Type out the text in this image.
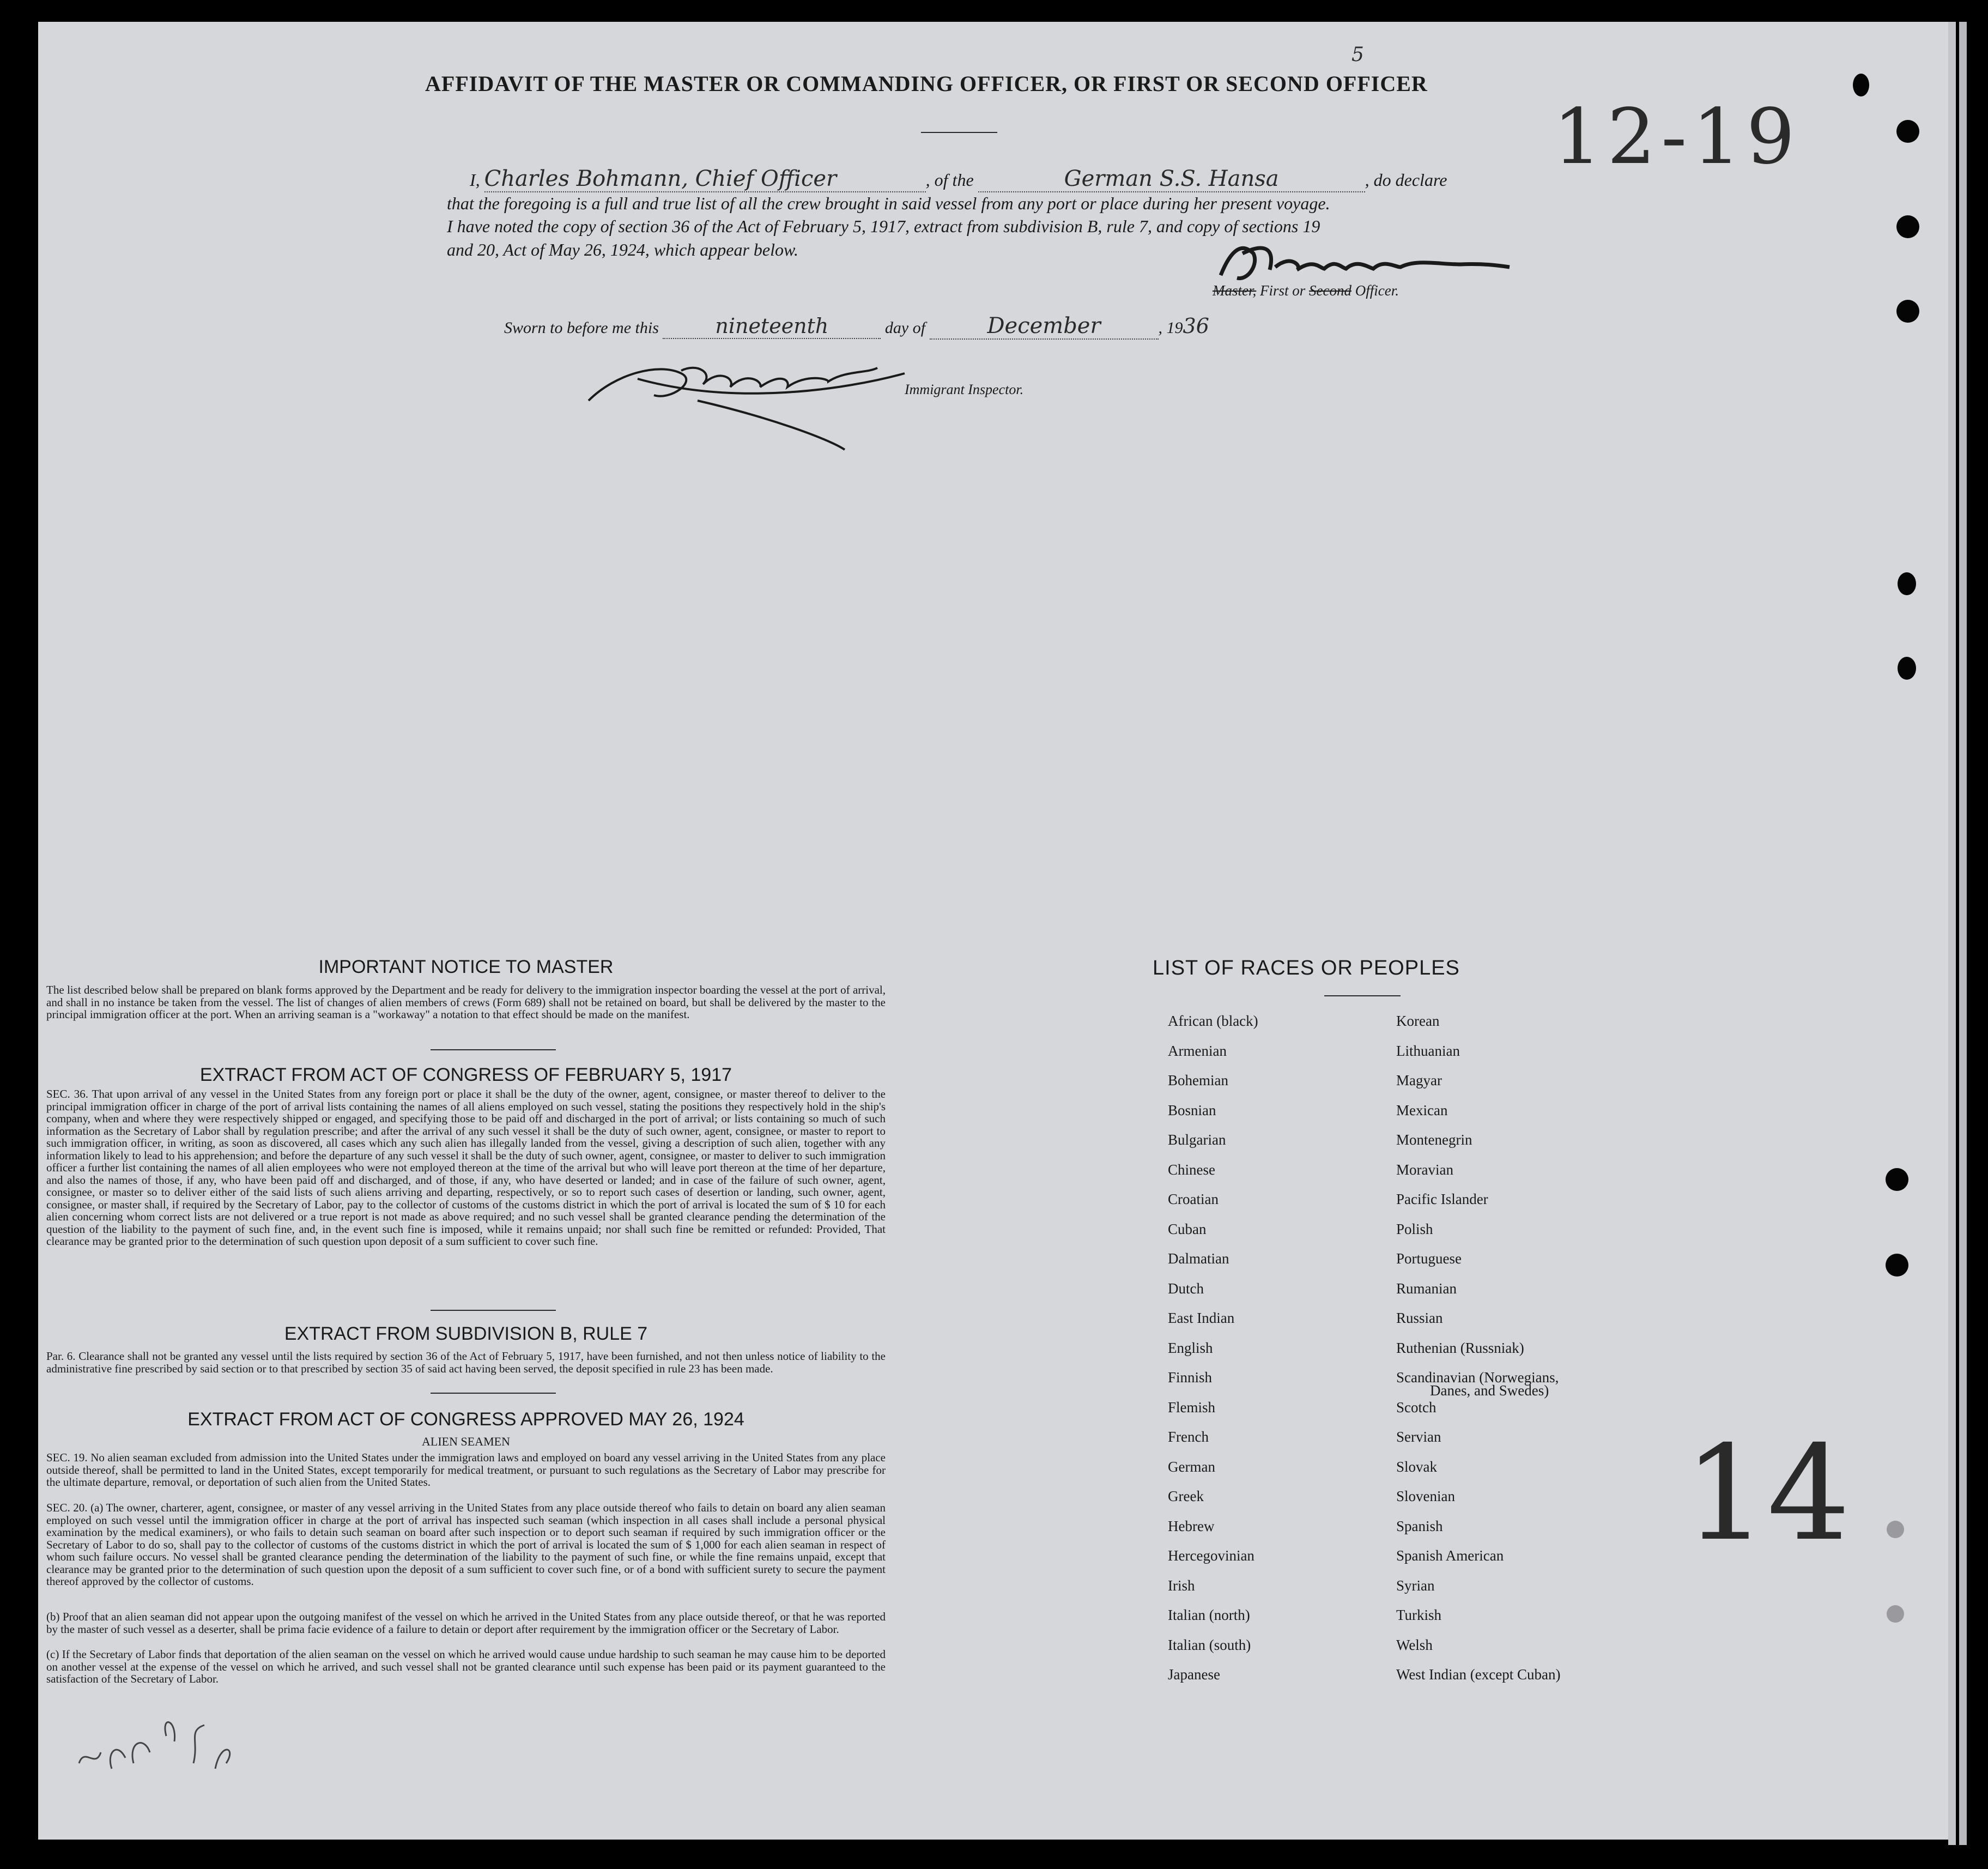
5
12-19
AFFIDAVIT OF THE MASTER OR COMMANDING OFFICER, OR FIRST OR SECOND OFFICER
I, Charles Bohmann, Chief Officer	, of the	German S.S. Hansa	, do declare
that the foregoing is a full and true list of all the crew brought in said vessel from any port or place during her present voyage.
I have noted the copy of section 36 of the Act of February 5, 1917, extract from subdivision B, rule 7, and copy of sections 19
and 20, Act of May 26, 1924, which appear below.
Master, First or Second Officer.
Sworn to before me this	nineteenth	day of	December	, 1936
Immigrant Inspector.
IMPORTANT NOTICE TO MASTER
The list described below shall be prepared on blank forms approved by the Department and be ready for delivery to the immigration inspector boarding the vessel at the port of arrival, and shall in no instance be taken from the vessel. The list of changes of alien members of crews (Form 689) shall not be retained on board, but shall be delivered by the master to the principal immigration officer at the port. When an arriving seaman is a "workaway" a notation to that effect should be made on the manifest.
EXTRACT FROM ACT OF CONGRESS OF FEBRUARY 5, 1917
SEC. 36. That upon arrival of any vessel in the United States from any foreign port or place it shall be the duty of the owner, agent, consignee, or master thereof to deliver to the principal immigration officer in charge of the port of arrival lists containing the names of all aliens employed on such vessel, stating the positions they respectively hold in the ship's company, when and where they were respectively shipped or engaged, and specifying those to be paid off and discharged in the port of arrival; or lists containing so much of such information as the Secretary of Labor shall by regulation prescribe; and after the arrival of any such vessel it shall be the duty of such owner, agent, consignee, or master to report to such immigration officer, in writing, as soon as discovered, all cases which any such alien has illegally landed from the vessel, giving a description of such alien, together with any information likely to lead to his apprehension; and before the departure of any such vessel it shall be the duty of such owner, agent, consignee, or master to deliver to such immigration officer a further list containing the names of all alien employees who were not employed thereon at the time of the arrival but who will leave port thereon at the time of her departure, and also the names of those, if any, who have been paid off and discharged, and of those, if any, who have deserted or landed; and in case of the failure of such owner, agent, consignee, or master so to deliver either of the said lists of such aliens arriving and departing, respectively, or so to report such cases of desertion or landing, such owner, agent, consignee, or master shall, if required by the Secretary of Labor, pay to the collector of customs of the customs district in which the port of arrival is located the sum of $ 10 for each alien concerning whom correct lists are not delivered or a true report is not made as above required; and no such vessel shall be granted clearance pending the determination of the question of the liability to the payment of such fine, and, in the event such fine is imposed, while it remains unpaid; nor shall such fine be remitted or refunded: Provided, That clearance may be granted prior to the determination of such question upon deposit of a sum sufficient to cover such fine.
EXTRACT FROM SUBDIVISION B, RULE 7
Par. 6. Clearance shall not be granted any vessel until the lists required by section 36 of the Act of February 5, 1917, have been furnished, and not then unless notice of liability to the administrative fine prescribed by said section or to that prescribed by section 35 of said act having been served, the deposit specified in rule 23 has been made.
EXTRACT FROM ACT OF CONGRESS APPROVED MAY 26, 1924
ALIEN SEAMEN
SEC. 19. No alien seaman excluded from admission into the United States under the immigration laws and employed on board any vessel arriving in the United States from any place outside thereof, shall be permitted to land in the United States, except temporarily for medical treatment, or pursuant to such regulations as the Secretary of Labor may prescribe for the ultimate departure, removal, or deportation of such alien from the United States.
SEC. 20. (a) The owner, charterer, agent, consignee, or master of any vessel arriving in the United States from any place outside thereof who fails to detain on board any alien seaman employed on such vessel until the immigration officer in charge at the port of arrival has inspected such seaman (which inspection in all cases shall include a personal physical examination by the medical examiners), or who fails to detain such seaman on board after such inspection or to deport such seaman if required by such immigration officer or the Secretary of Labor to do so, shall pay to the collector of customs of the customs district in which the port of arrival is located the sum of $ 1,000 for each alien seaman in respect of whom such failure occurs. No vessel shall be granted clearance pending the determination of the liability to the payment of such fine, or while the fine remains unpaid, except that clearance may be granted prior to the determination of such question upon the deposit of a sum sufficient to cover such fine, or of a bond with sufficient surety to secure the payment thereof approved by the collector of customs.
(b) Proof that an alien seaman did not appear upon the outgoing manifest of the vessel on which he arrived in the United States from any place outside thereof, or that he was reported by the master of such vessel as a deserter, shall be prima facie evidence of a failure to detain or deport after requirement by the immigration officer or the Secretary of Labor.
(c) If the Secretary of Labor finds that deportation of the alien seaman on the vessel on which he arrived would cause undue hardship to such seaman he may cause him to be deported on another vessel at the expense of the vessel on which he arrived, and such vessel shall not be granted clearance until such expense has been paid or its payment guaranteed to the satisfaction of the Secretary of Labor.
LIST OF RACES OR PEOPLES
African (black)
Armenian
Bohemian
Bosnian
Bulgarian
Chinese
Croatian
Cuban
Dalmatian
Dutch
East Indian
English
Finnish
Flemish
French
German
Greek
Hebrew
Hercegovinian
Irish
Italian (north)
Italian (south)
Japanese
Korean
Lithuanian
Magyar
Mexican
Montenegrin
Moravian
Pacific Islander
Polish
Portuguese
Rumanian
Russian
Ruthenian (Russniak)
Scandinavian (Norwegians,
Danes, and Swedes)
Scotch
Servian
Slovak
Slovenian
Spanish
Spanish American
Syrian
Turkish
Welsh
West Indian (except Cuban)
14
